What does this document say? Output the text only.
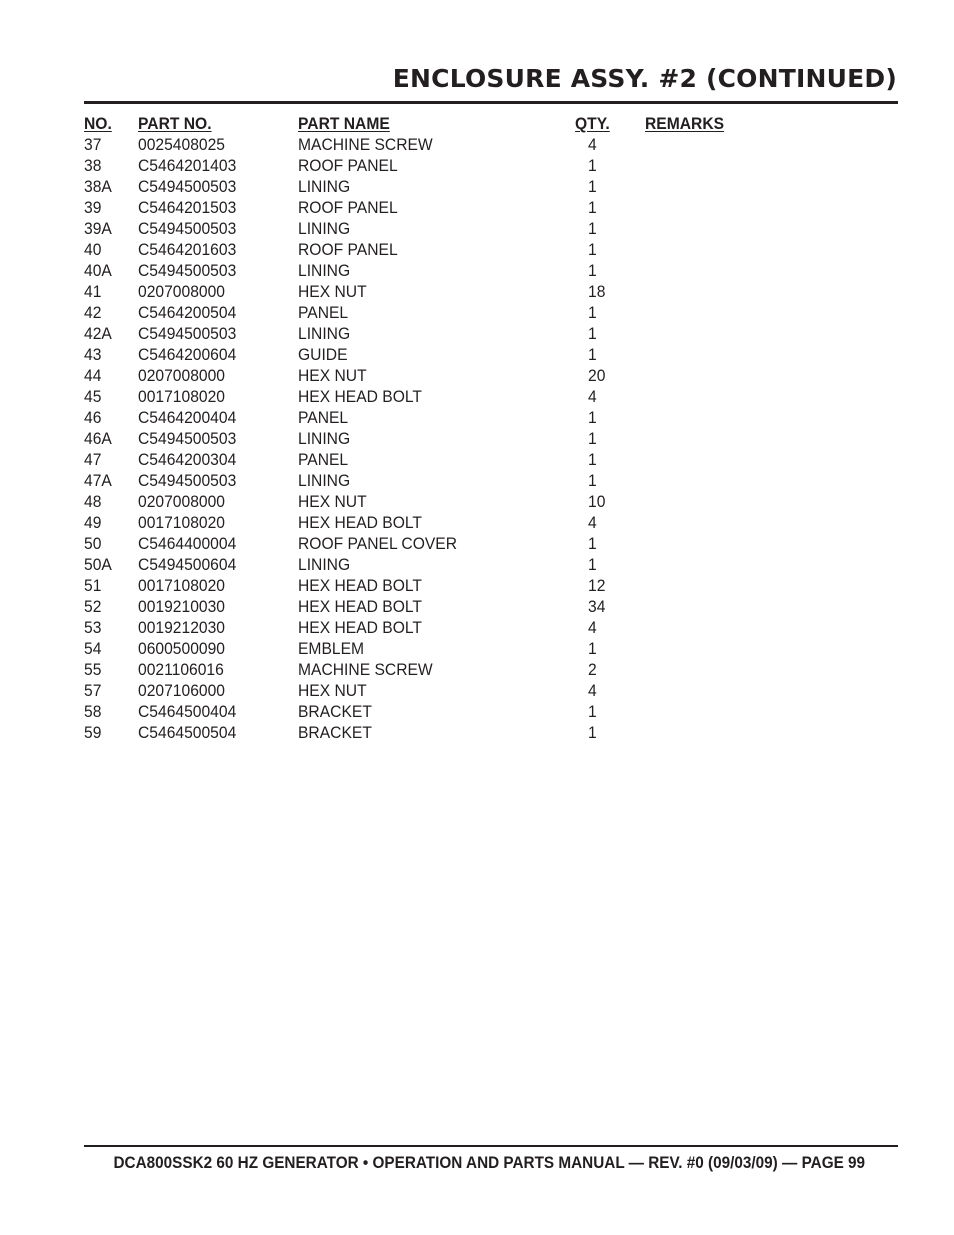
ENCLOSURE ASSY. #2 (CONTINUED)
NO. PART NO.	PART NAME	QTY. REMARKS
37 0025408025	MACHINE SCREW	4
38 C5464201403	ROOF PANEL	1
38A C5494500503	LINING	1
39 C5464201503	ROOF PANEL	1
39A C5494500503	LINING	1
40 C5464201603	ROOF PANEL	1
40A C5494500503	LINING	1
41 0207008000	HEX NUT	18
42 C5464200504	PANEL	1
42A C5494500503	LINING	1
43 C5464200604	GUIDE	1
44 0207008000	HEX NUT	20
45 0017108020	HEX HEAD BOLT	4
46 C5464200404	PANEL	1
46A C5494500503	LINING	1
47 C5464200304	PANEL	1
47A C5494500503	LINING	1
48 0207008000	HEX NUT	10
49 0017108020	HEX HEAD BOLT	4
50 C5464400004	ROOF PANEL COVER	1
50A C5494500604	LINING	1
51 0017108020	HEX HEAD BOLT	12
52 0019210030	HEX HEAD BOLT	34
53 0019212030	HEX HEAD BOLT	4
54 0600500090	EMBLEM	1
55 0021106016	MACHINE SCREW	2
57 0207106000	HEX NUT	4
58 C5464500404	BRACKET	1
59 C5464500504	BRACKET	1
DCA800SSK2 60 HZ GENERATOR • OPERATION AND PARTS MANUAL — REV. #0 (09/03/09) — PAGE 99
